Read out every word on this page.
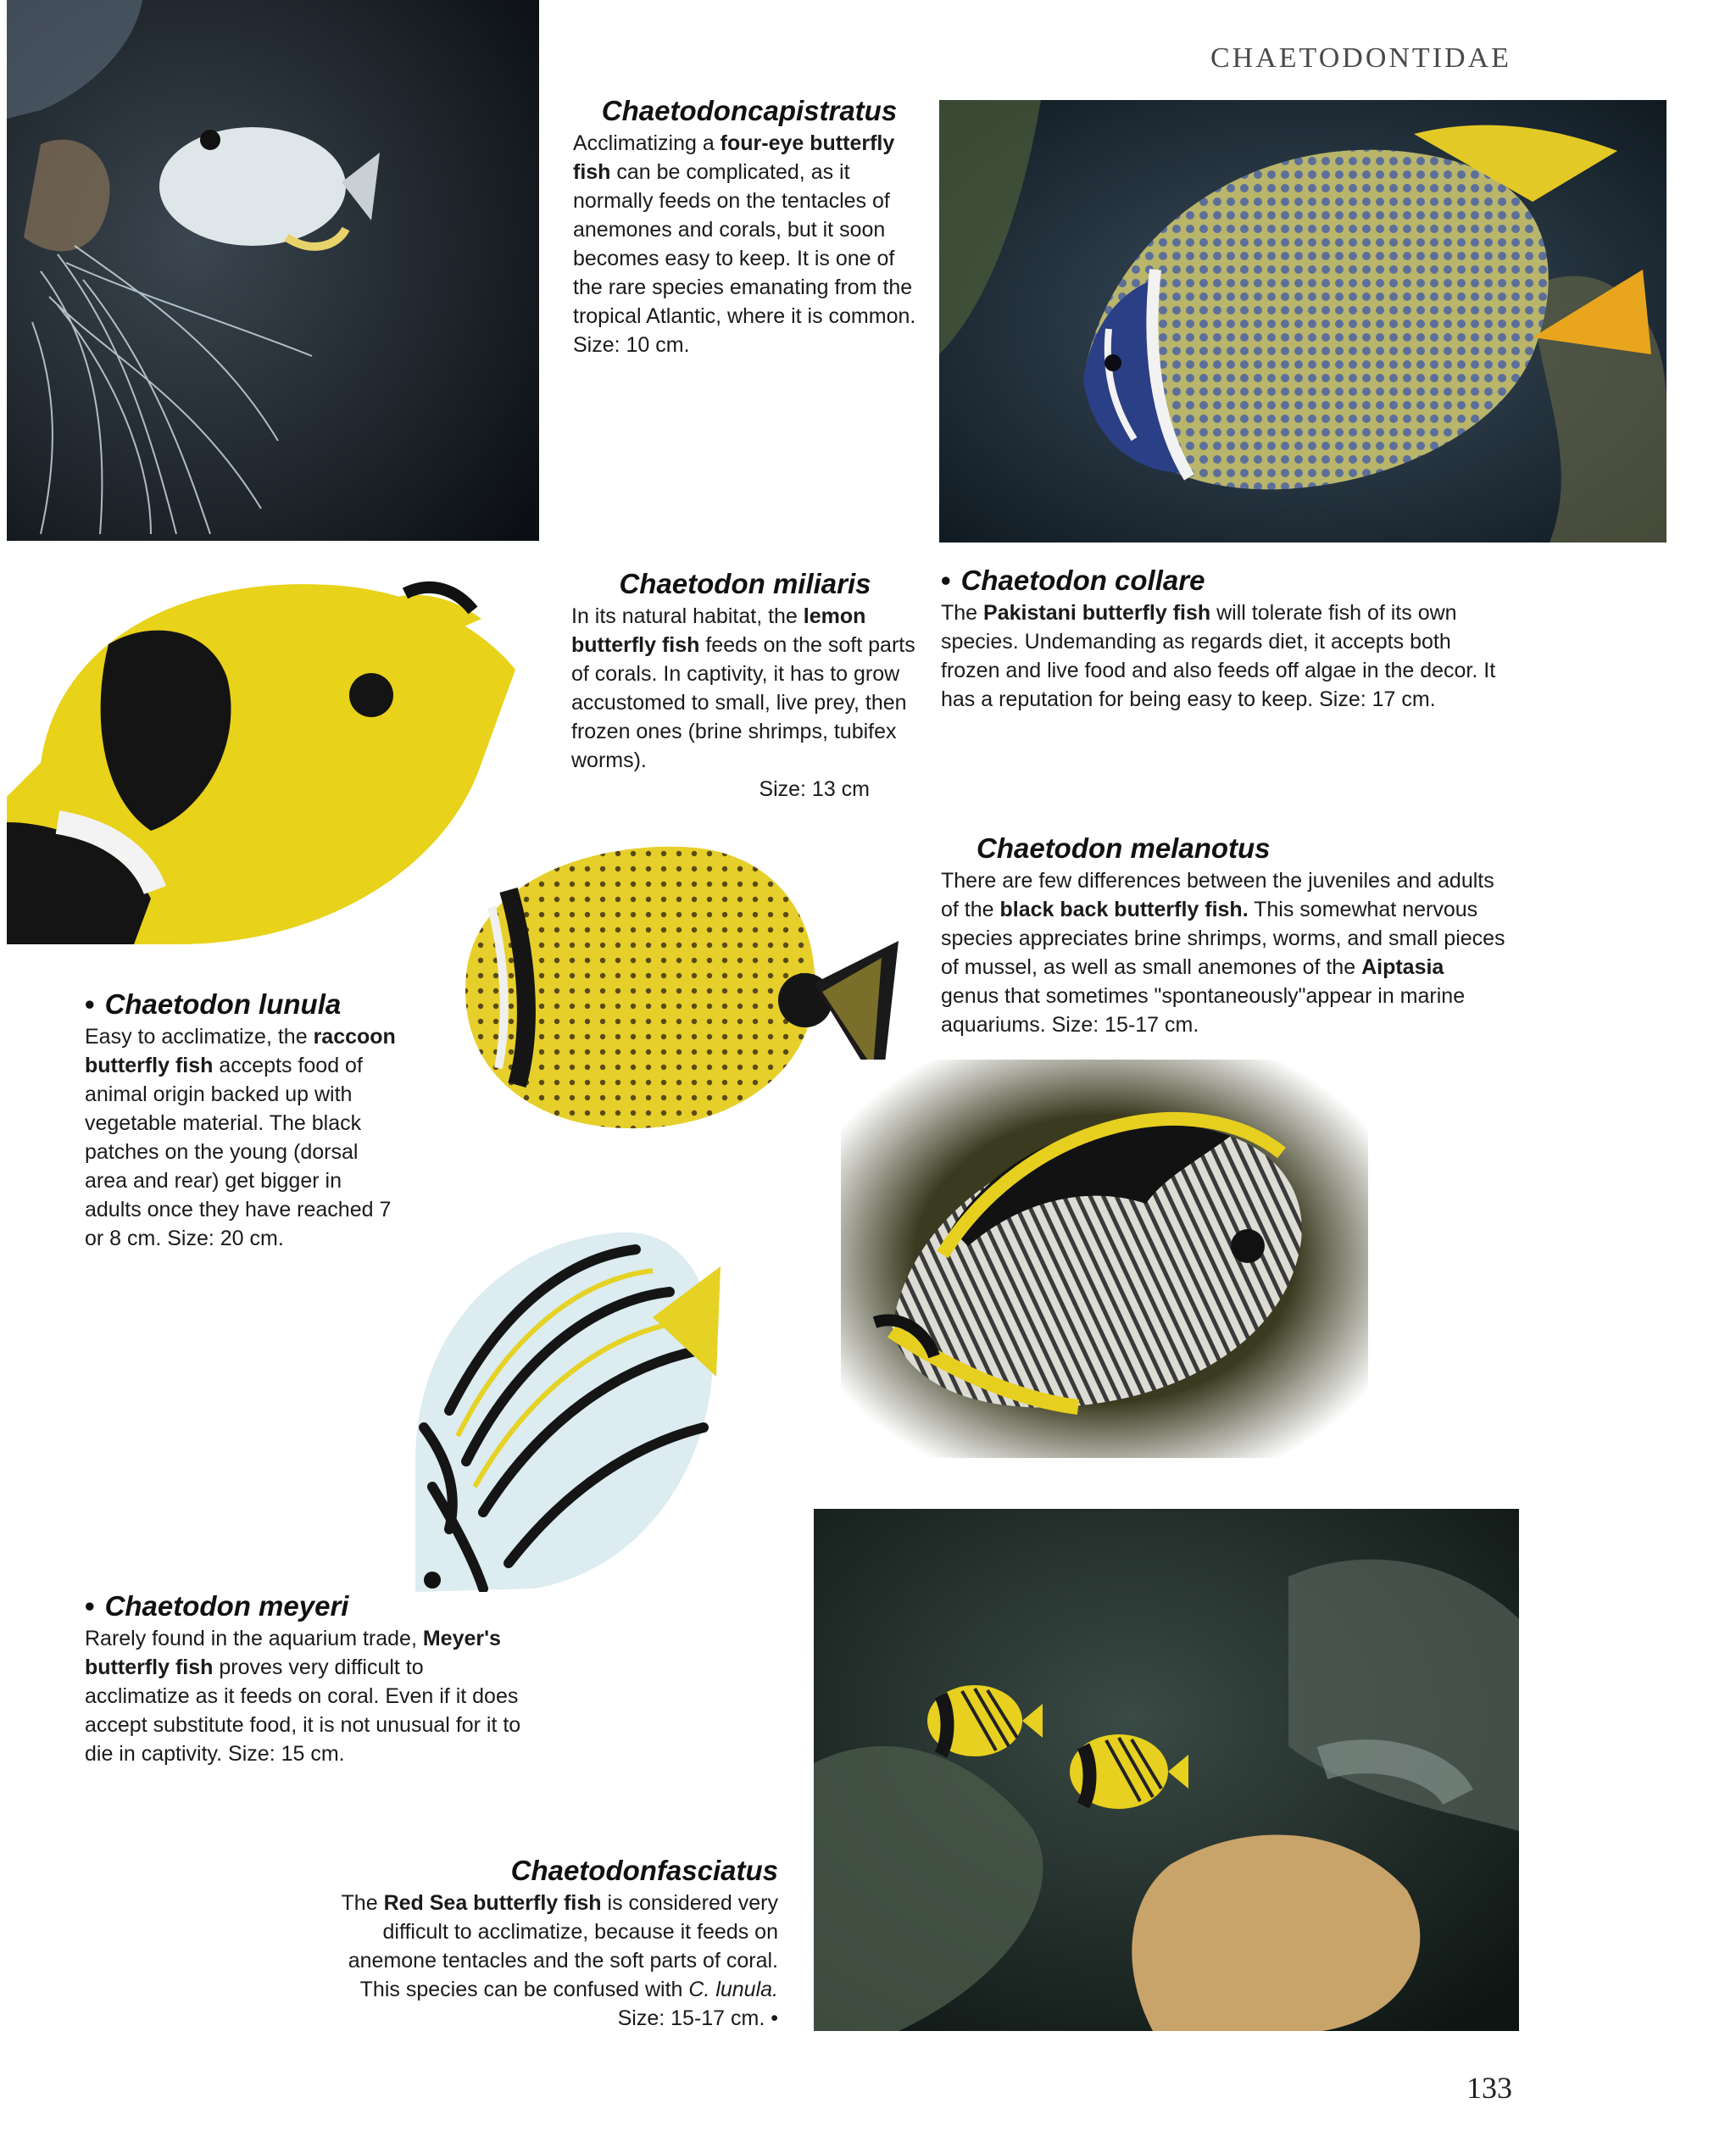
CHAETODONTIDAE
133
Chaetodoncapistratus

Acclimatizing a four-eye butterfly fish can be complicated, as it normally feeds on the tentacles of anemones and corals, but it soon becomes easy to keep. It is one of the rare species emanating from the tropical Atlantic, where it is common. Size: 10 cm.

Chaetodon miliaris

In its natural habitat, the lemon butterfly fish feeds on the soft parts of corals. In captivity, it has to grow accustomed to small, live prey, then frozen ones (brine shrimps, tubifex worms).

Size: 13 cm

• Chaetodon collare

The Pakistani butterfly fish will tolerate fish of its own species. Undemanding as regards diet, it accepts both frozen and live food and also feeds off algae in the decor. It has a reputation for being easy to keep. Size: 17 cm.

Chaetodon melanotus

There are few differences between the juveniles and adults of the black back butterfly fish. This somewhat nervous species appreciates brine shrimps, worms, and small pieces of mussel, as well as small anemones of the Aiptasia genus that sometimes "spontaneously"appear in marine aquariums. Size: 15-17 cm.

• Chaetodon lunula

Easy to acclimatize, the raccoon butterfly fish accepts food of animal origin backed up with vegetable material. The black patches on the young (dorsal area and rear) get bigger in adults once they have reached 7 or 8 cm. Size: 20 cm.

• Chaetodon meyeri

Rarely found in the aquarium trade, Meyer's butterfly fish proves very difficult to acclimatize as it feeds on coral. Even if it does accept substitute food, it is not unusual for it to die in captivity. Size: 15 cm.

Chaetodonfasciatus

The Red Sea butterfly fish is considered very difficult to acclimatize, because it feeds on anemone tentacles and the soft parts of coral. This species can be confused with C. lunula. Size: 15-17 cm. •
